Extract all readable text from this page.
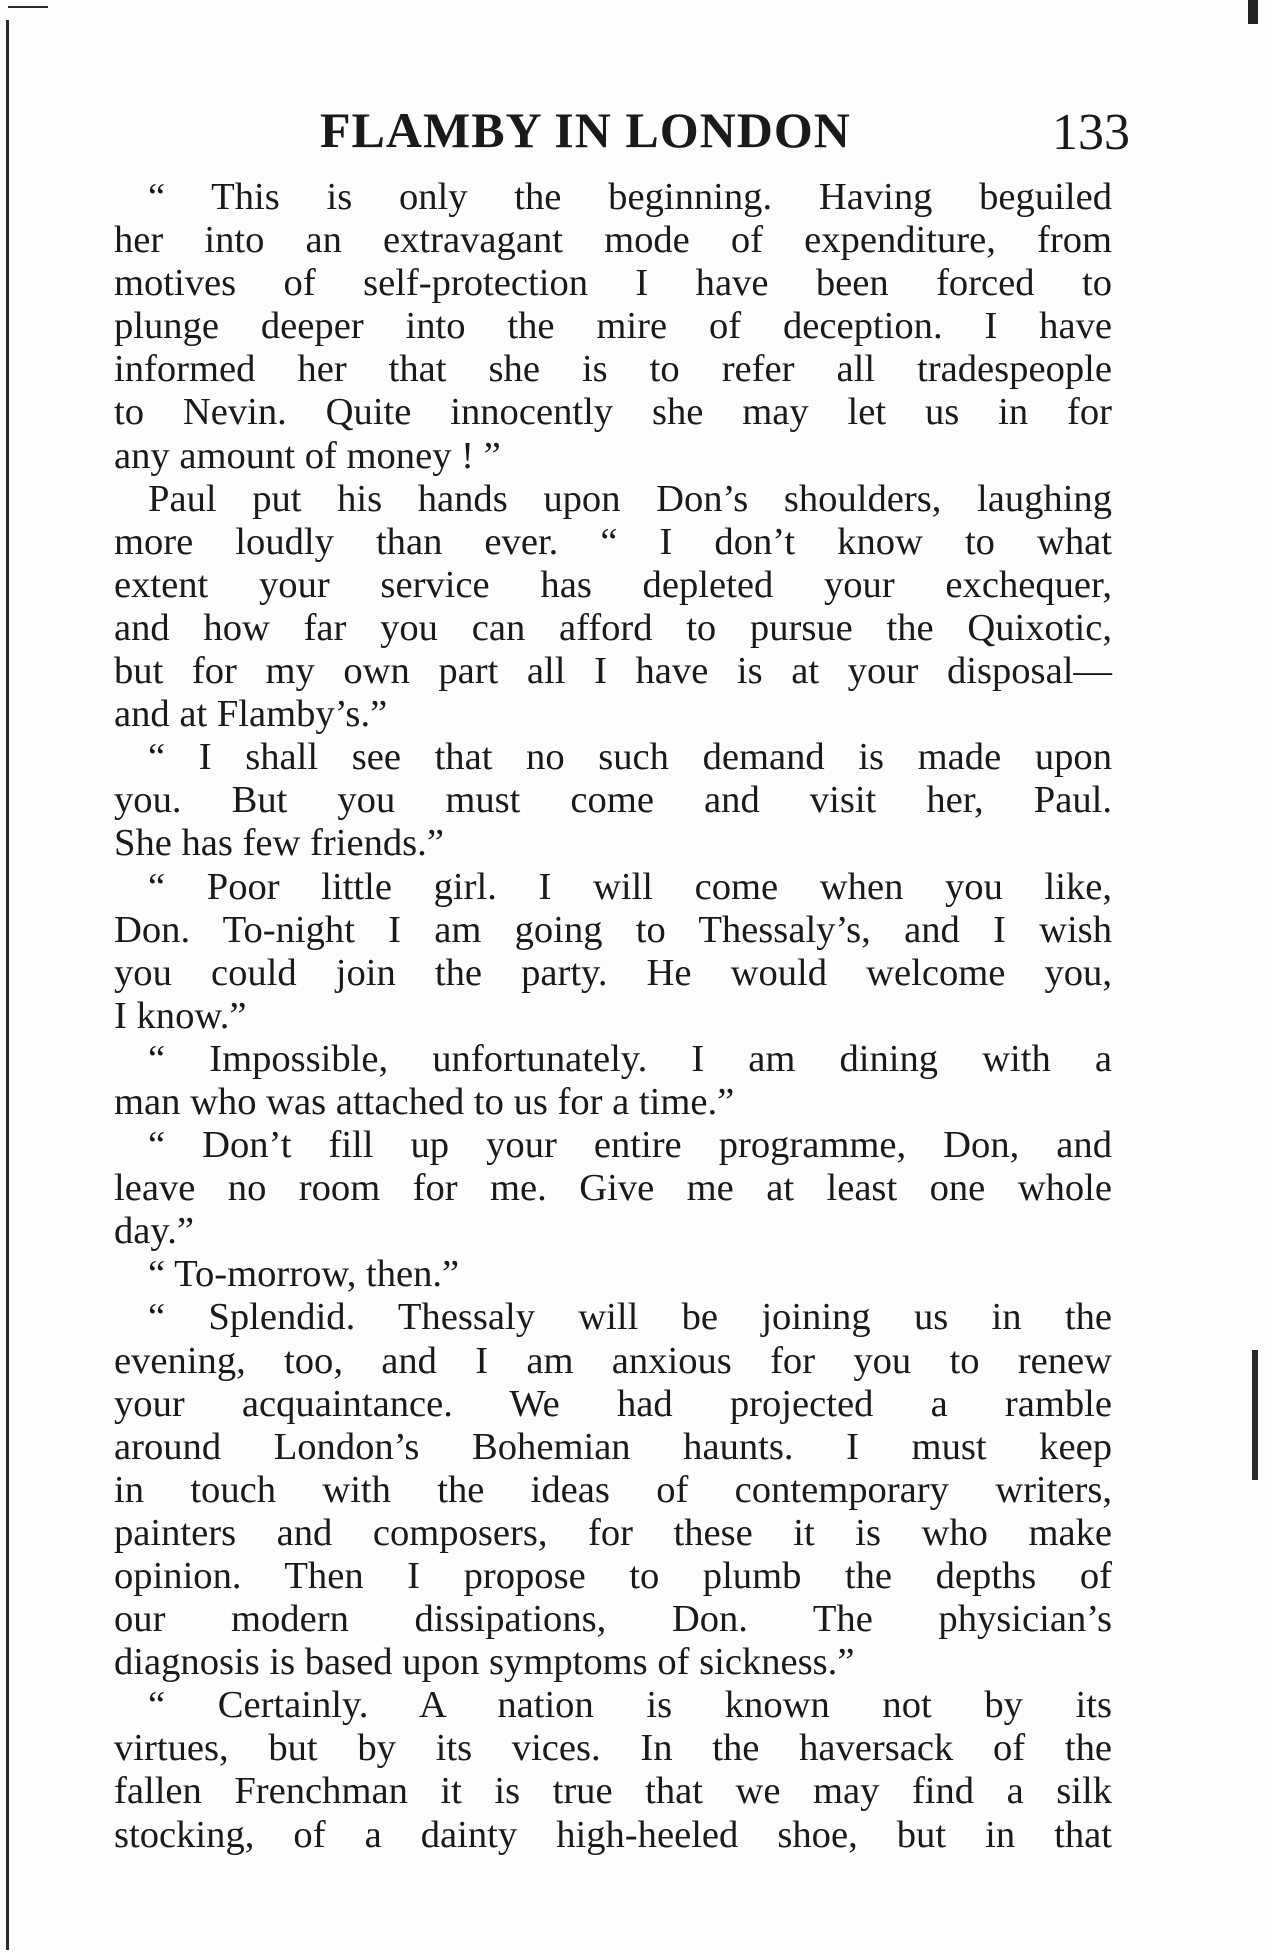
FLAMBY IN LONDON	133
“ This is only the beginning. Having beguiled
her into an extravagant mode of expenditure, from
motives of self-protection I have been forced to
plunge deeper into the mire of deception. I have
informed her that she is to refer all tradespeople
to Nevin. Quite innocently she may let us in for
any amount of money ! ”
Paul put his hands upon Don’s shoulders, laughing
more loudly than ever. “ I don’t know to what
extent your service has depleted your exchequer,
and how far you can afford to pursue the Quixotic,
but for my own part all I have is at your disposal—
and at Flamby’s.”
“ I shall see that no such demand is made upon
you. But you must come and visit her, Paul.
She has few friends.”
“ Poor little girl. I will come when you like,
Don. To-night I am going to Thessaly’s, and I wish
you could join the party. He would welcome you,
I know.”
“ Impossible, unfortunately. I am dining with a
man who was attached to us for a time.”
“ Don’t fill up your entire programme, Don, and
leave no room for me. Give me at least one whole
day.”
“ To-morrow, then.”
“ Splendid. Thessaly will be joining us in the
evening, too, and I am anxious for you to renew
your acquaintance. We had projected a ramble
around London’s Bohemian haunts. I must keep
in touch with the ideas of contemporary writers,
painters and composers, for these it is who make
opinion. Then I propose to plumb the depths of
our modern dissipations, Don. The physician’s
diagnosis is based upon symptoms of sickness.”
“ Certainly. A nation is known not by its
virtues, but by its vices. In the haversack of the
fallen Frenchman it is true that we may find a silk
stocking, of a dainty high-heeled shoe, but in that
